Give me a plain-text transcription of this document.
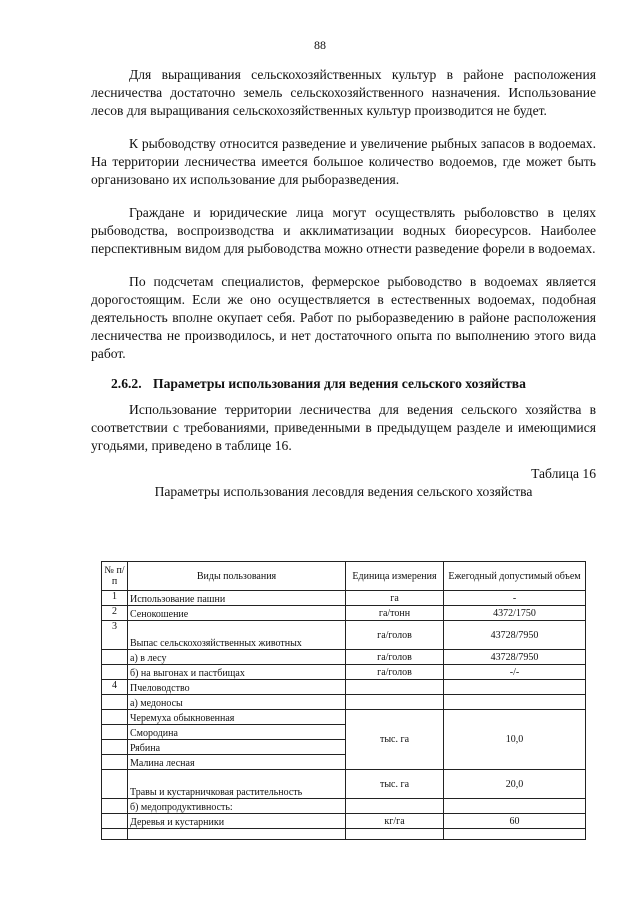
88

Для выращивания сельскохозяйственных культур в районе расположения лесничества достаточно земель сельскохозяйственного назначения. Использование лесов для выращивания сельскохозяйственных культур производится не будет.

К рыбоводству относится разведение и увеличение рыбных запасов в водоемах. На территории лесничества имеется большое количество водоемов, где может быть организовано их использование для рыборазведения.

Граждане и юридические лица могут осуществлять рыболовство в целях рыбоводства, воспроизводства и акклиматизации водных биоресурсов. Наиболее перспективным видом для рыбоводства можно отнести разведение форели в водоемах.

По подсчетам специалистов, фермерское рыбоводство в водоемах является дорогостоящим. Если же оно осуществляется в естественных водоемах, подобная деятельность вполне окупает себя. Работ по рыборазведению в районе расположения лесничества не производилось, и нет достаточного опыта по выполнению этого вида работ.

2.6.2. Параметры использования для ведения сельского хозяйства

Использование территории лесничества для ведения сельского хозяйства в соответствии с требованиями, приведенными в предыдущем разделе и имеющимися угодьями, приведено в таблице 16.

Таблица 16
Параметры использования лесовдля ведения сельского хозяйства
№ п/п	Виды пользования	Единица измерения	Ежегодный допустимый объем
1	Использование пашни	га	-
2	Сенокошение	га/тонн	4372/1750
3	Выпас сельскохозяйственных животных	га/голов	43728/7950
	а) в лесу	га/голов	43728/7950
	б) на выгонах и пастбищах	га/голов	-/-
4	Пчеловодство		
	а) медоносы		
	Черемуха обыкновенная	тыс. га	10,0
	Смородина		
	Рябина		
	Малина лесная		
	Травы и кустарничковая растительность	тыс. га	20,0
	б) медопродуктивность:		
	Деревья и кустарники	кг/га	60
